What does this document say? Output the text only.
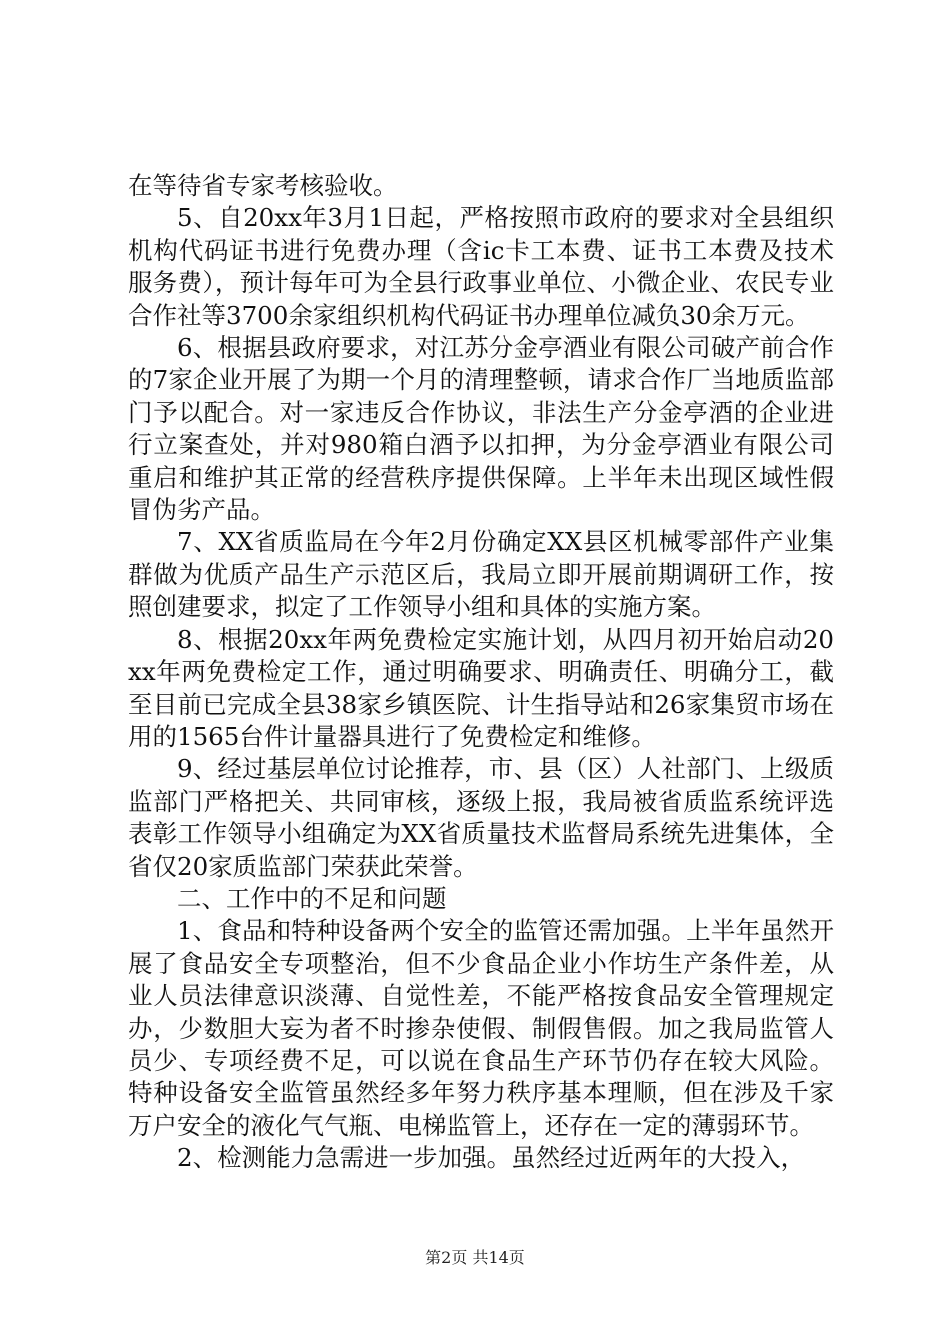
在等待省专家考核验收。

5、自20xx年3月1日起，严格按照市政府的要求对全县组织机构代码证书进行免费办理（含ic卡工本费、证书工本费及技术服务费），预计每年可为全县行政事业单位、小微企业、农民专业合作社等3700余家组织机构代码证书办理单位减负30余万元。

6、根据县政府要求，对江苏分金亭酒业有限公司破产前合作的7家企业开展了为期一个月的清理整顿，请求合作厂当地质监部门予以配合。对一家违反合作协议，非法生产分金亭酒的企业进行立案查处，并对980箱白酒予以扣押，为分金亭酒业有限公司重启和维护其正常的经营秩序提供保障。上半年未出现区域性假冒伪劣产品。

7、XX省质监局在今年2月份确定XX县区机械零部件产业集群做为优质产品生产示范区后，我局立即开展前期调研工作，按照创建要求，拟定了工作领导小组和具体的实施方案。

8、根据20xx年两免费检定实施计划，从四月初开始启动20xx年两免费检定工作，通过明确要求、明确责任、明确分工，截至目前已完成全县38家乡镇医院、计生指导站和26家集贸市场在用的1565台件计量器具进行了免费检定和维修。

9、经过基层单位讨论推荐，市、县（区）人社部门、上级质监部门严格把关、共同审核，逐级上报，我局被省质监系统评选表彰工作领导小组确定为XX省质量技术监督局系统先进集体，全省仅20家质监部门荣获此荣誉。

二、工作中的不足和问题

1、食品和特种设备两个安全的监管还需加强。上半年虽然开展了食品安全专项整治，但不少食品企业小作坊生产条件差，从业人员法律意识淡薄、自觉性差，不能严格按食品安全管理规定办，少数胆大妄为者不时掺杂使假、制假售假。加之我局监管人员少、专项经费不足，可以说在食品生产环节仍存在较大风险。特种设备安全监管虽然经多年努力秩序基本理顺，但在涉及千家万户安全的液化气气瓶、电梯监管上，还存在一定的薄弱环节。

2、检测能力急需进一步加强。虽然经过近两年的大投入，

第2页 共14页
